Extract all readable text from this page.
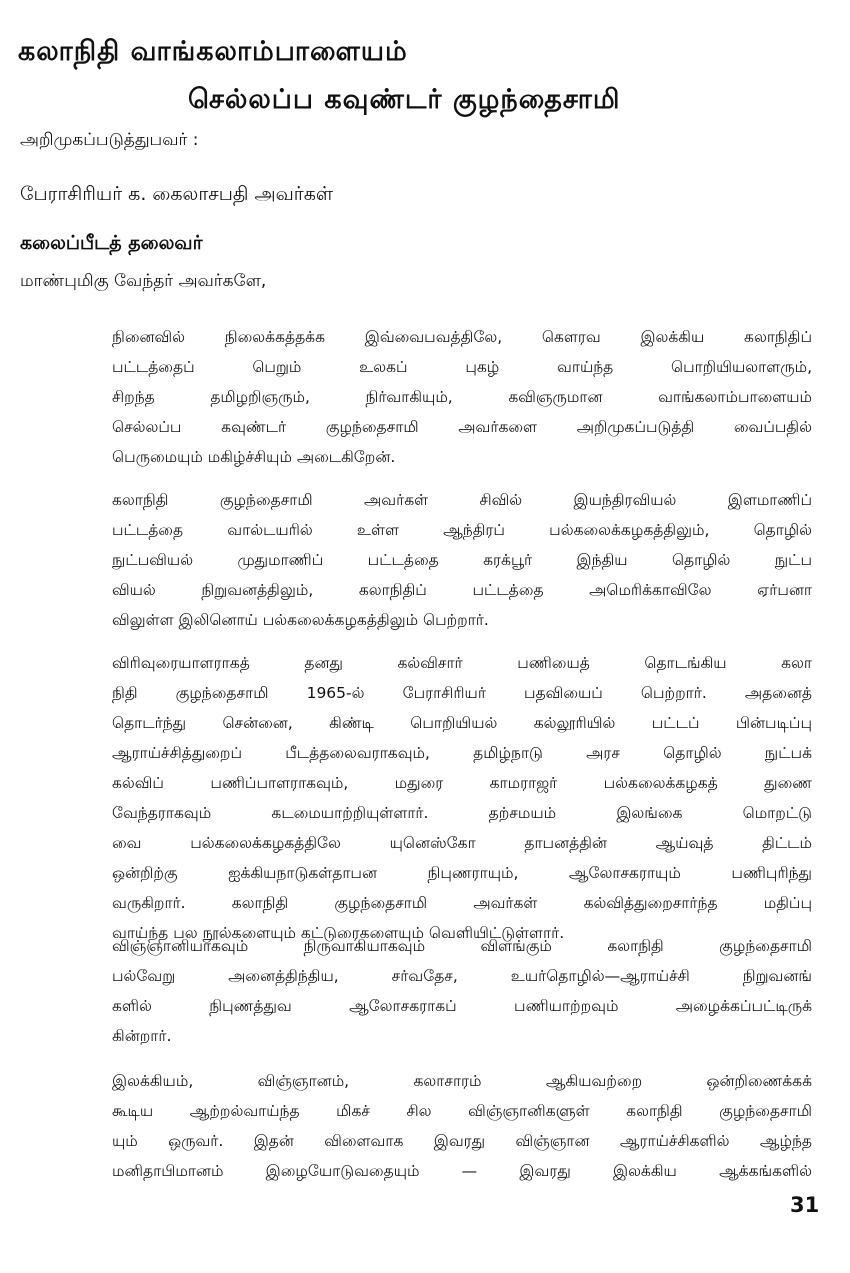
கலாநிதி வாங்கலாம்பாளையம்
செல்லப்ப கவுண்டர் குழந்தைசாமி
அறிமுகப்படுத்துபவர் :
பேராசிரியர் க. கைலாசபதி அவர்கள்
கலைப்பீடத் தலைவர்
மாண்புமிகு வேந்தர் அவர்களே,
நினைவில் நிலைக்கத்தக்க இவ்வைபவத்திலே, கௌரவ இலக்கிய கலாநிதிப்
பட்டத்தைப் பெறும் உலகப் புகழ் வாய்ந்த பொறியியலாளரும்,
சிறந்த தமிழறிஞரும், நிர்வாகியும், கவிஞருமான வாங்கலாம்பாளையம்
செல்லப்ப கவுண்டர் குழந்தைசாமி அவர்களை அறிமுகப்படுத்தி வைப்பதில்
பெருமையும் மகிழ்ச்சியும் அடைகிறேன்.
கலாநிதி குழந்தைசாமி அவர்கள் சிவில் இயந்திரவியல் இளமாணிப்
பட்டத்தை வால்டயரில் உள்ள ஆந்திரப் பல்கலைக்கழகத்திலும், தொழில்
நுட்பவியல் முதுமாணிப் பட்டத்தை கரக்பூர் இந்திய தொழில் நுட்ப
வியல் நிறுவனத்திலும், கலாநிதிப் பட்டத்தை அமெரிக்காவிலே ஏர்பனா
விலுள்ள இலினொய் பல்கலைக்கழகத்திலும் பெற்றார்.
விரிவுரையாளராகத் தனது கல்விசார் பணியைத் தொடங்கிய கலா
நிதி குழந்தைசாமி 1965-ல் பேராசிரியர் பதவியைப் பெற்றார். அதனைத்
தொடர்ந்து சென்னை, கிண்டி பொறியியல் கல்லூரியில் பட்டப் பின்படிப்பு
ஆராய்ச்சித்துறைப் பீடத்தலைவராகவும், தமிழ்நாடு அரச தொழில் நுட்பக்
கல்விப் பணிப்பாளராகவும், மதுரை காமராஜர் பல்கலைக்கழகத் துணை
வேந்தராகவும் கடமையாற்றியுள்ளார். தற்சமயம் இலங்கை மொறட்டு
வை பல்கலைக்கழகத்திலே யுனெஸ்கோ தாபனத்தின் ஆய்வுத் திட்டம்
ஒன்றிற்கு ஐக்கியநாடுகள்தாபன நிபுணராயும், ஆலோசகராயும் பணிபுரிந்து
வருகிறார். கலாநிதி குழந்தைசாமி அவர்கள் கல்வித்துறைசார்ந்த மதிப்பு
வாய்ந்த பல நூல்களையும் கட்டுரைகளையும் வெளியிட்டுள்ளார்.
விஞ்ஞானியாகவும் நிருவாகியாகவும் விளங்கும் கலாநிதி குழந்தைசாமி
பல்வேறு அனைத்திந்திய, சர்வதேச, உயர்தொழில்—ஆராய்ச்சி நிறுவனங்
களில் நிபுணத்துவ ஆலோசகராகப் பணியாற்றவும் அழைக்கப்பட்டிருக்
கின்றார்.
இலக்கியம், விஞ்ஞானம், கலாசாரம் ஆகியவற்றை ஒன்றிணைக்கக்
கூடிய ஆற்றல்வாய்ந்த மிகச் சில விஞ்ஞானிகளுள் கலாநிதி குழந்தைசாமி
யும் ஒருவர். இதன் விளைவாக இவரது விஞ்ஞான ஆராய்ச்சிகளில் ஆழ்ந்த
மனிதாபிமானம் இழையோடுவதையும் — இவரது இலக்கிய ஆக்கங்களில்
31
